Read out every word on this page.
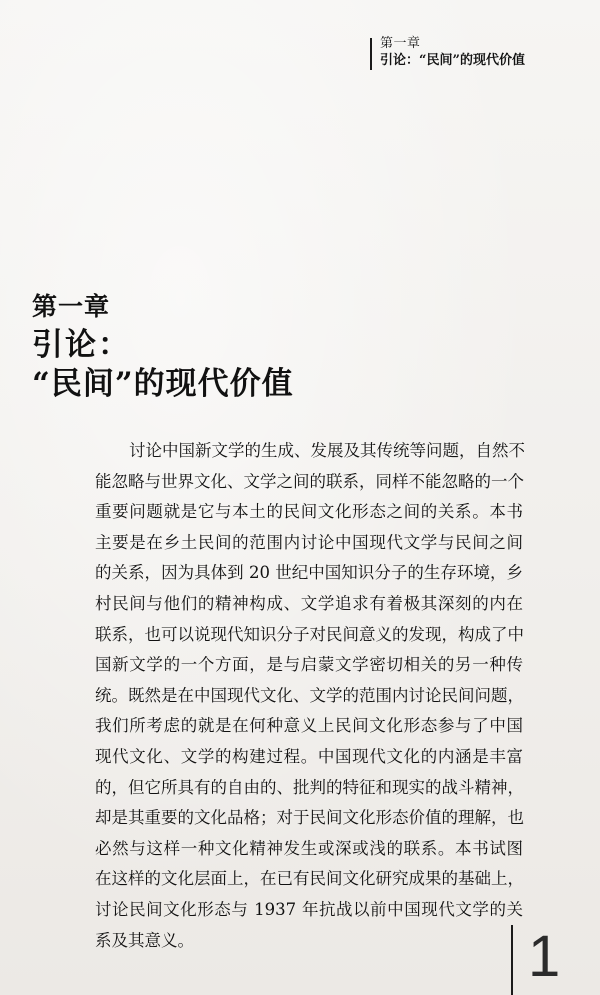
第一章
引论：“民间”的现代价值
第一章
引论：
“民间”的现代价值
讨论中国新文学的生成、发展及其传统等问题，自然不
能忽略与世界文化、文学之间的联系，同样不能忽略的一个
重要问题就是它与本土的民间文化形态之间的关系。本书
主要是在乡土民间的范围内讨论中国现代文学与民间之间
的关系，因为具体到 20 世纪中国知识分子的生存环境，乡
村民间与他们的精神构成、文学追求有着极其深刻的内在
联系，也可以说现代知识分子对民间意义的发现，构成了中
国新文学的一个方面，是与启蒙文学密切相关的另一种传
统。既然是在中国现代文化、文学的范围内讨论民间问题，
我们所考虑的就是在何种意义上民间文化形态参与了中国
现代文化、文学的构建过程。中国现代文化的内涵是丰富
的，但它所具有的自由的、批判的特征和现实的战斗精神，
却是其重要的文化品格；对于民间文化形态价值的理解，也
必然与这样一种文化精神发生或深或浅的联系。本书试图
在这样的文化层面上，在已有民间文化研究成果的基础上，
讨论民间文化形态与 1937 年抗战以前中国现代文学的关
系及其意义。	1
